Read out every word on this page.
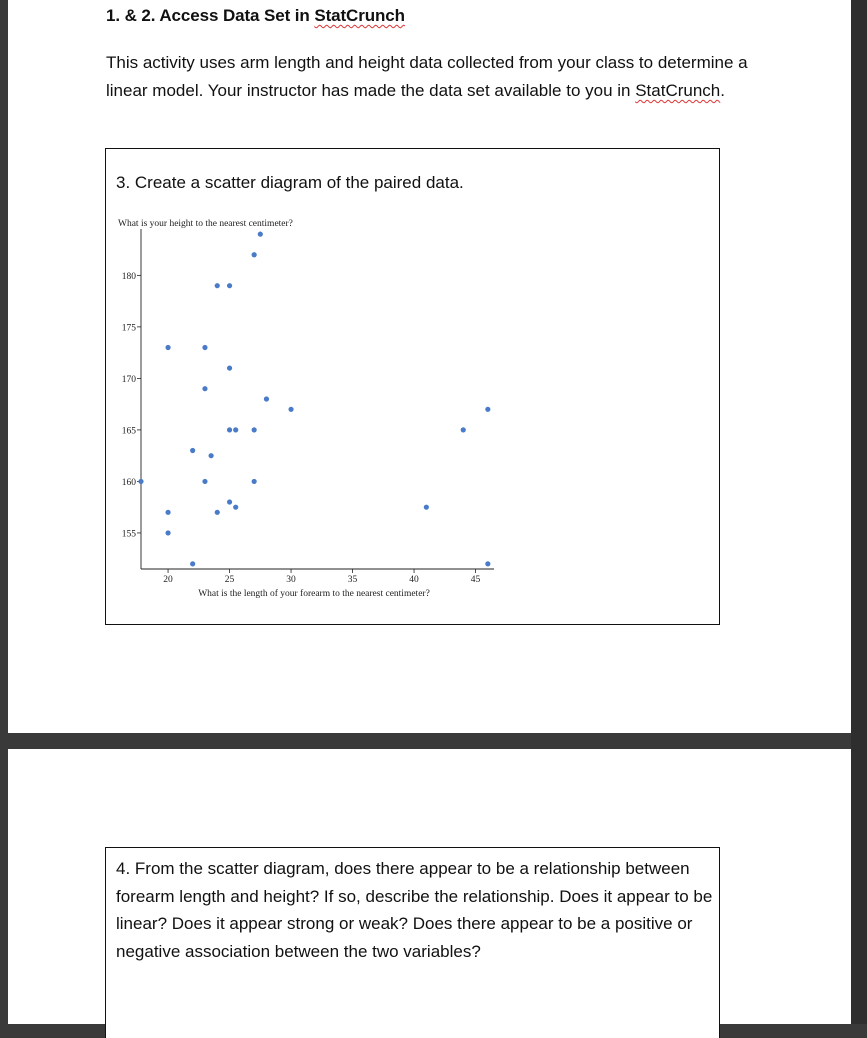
1. & 2. Access Data Set in StatCrunch
This activity uses arm length and height data collected from your class to determine a linear model. Your instructor has made the data set available to you in StatCrunch.
3. Create a scatter diagram of the paired data.
What is your height to the nearest centimeter?
What is the length of your forearm to the nearest centimeter?
155
160
165
170
175
180
20	25	30	35	40	45
4. From the scatter diagram, does there appear to be a relationship between forearm length and height? If so, describe the relationship. Does it appear to be linear? Does it appear strong or weak? Does there appear to be a positive or negative association between the two variables?
